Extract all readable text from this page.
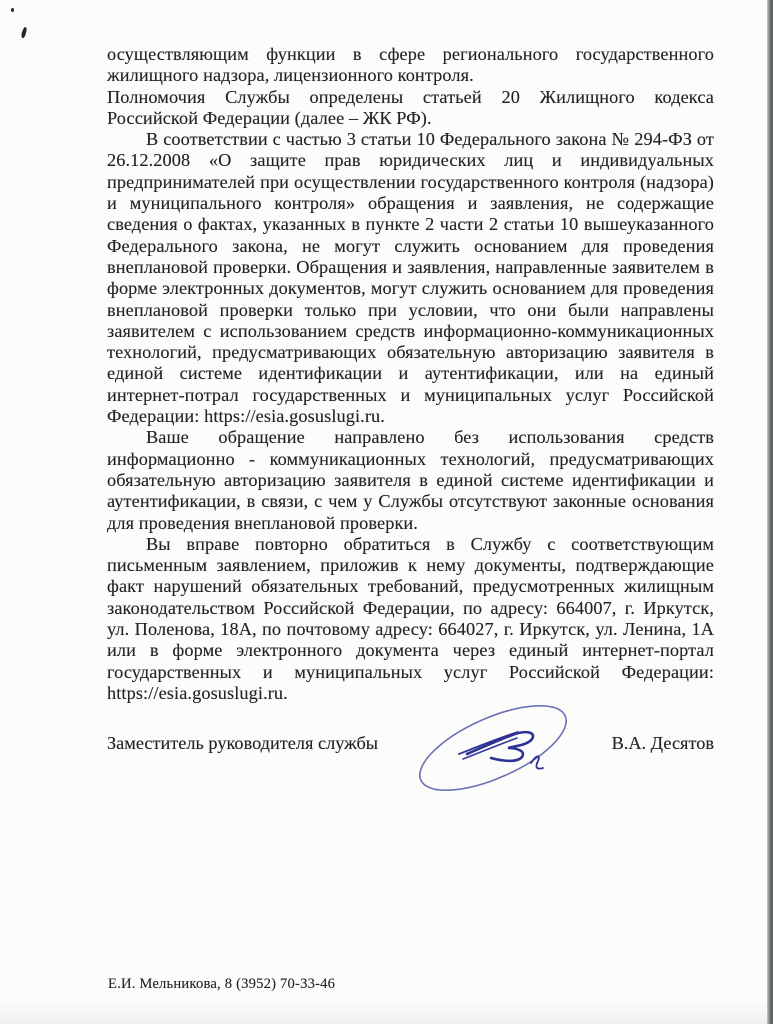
осуществляющим функции в сфере регионального государственного жилищного надзора, лицензионного контроля.

Полномочия Службы определены статьей 20 Жилищного кодекса Российской Федерации (далее – ЖК РФ).

В соответствии с частью 3 статьи 10 Федерального закона № 294-ФЗ от 26.12.2008 «О защите прав юридических лиц и индивидуальных предпринимателей при осуществлении государственного контроля (надзора) и муниципального контроля» обращения и заявления, не содержащие сведения о фактах, указанных в пункте 2 части 2 статьи 10 вышеуказанного Федерального закона, не могут служить основанием для проведения внеплановой проверки. Обращения и заявления, направленные заявителем в форме электронных документов, могут служить основанием для проведения внеплановой проверки только при условии, что они были направлены заявителем с использованием средств информационно-коммуникационных технологий, предусматривающих обязательную авторизацию заявителя в единой системе идентификации и аутентификации, или на единый интернет-потрал государственных и муниципальных услуг Российской Федерации: https://esia.gosuslugi.ru.

Ваше обращение направлено без использования средств информационно - коммуникационных технологий, предусматривающих обязательную авторизацию заявителя в единой системе идентификации и аутентификации, в связи, с чем у Службы отсутствуют законные основания для проведения внеплановой проверки.

Вы вправе повторно обратиться в Службу с соответствующим письменным заявлением, приложив к нему документы, подтверждающие факт нарушений обязательных требований, предусмотренных жилищным законодательством Российской Федерации, по адресу: 664007, г. Иркутск, ул. Поленова, 18А, по почтовому адресу: 664027, г. Иркутск, ул. Ленина, 1А или в форме электронного документа через единый интернет-портал государственных и муниципальных услуг Российской Федерации: https://esia.gosuslugi.ru.

Заместитель руководителя службы	В.А. Десятов
Е.И. Мельникова, 8 (3952) 70-33-46
